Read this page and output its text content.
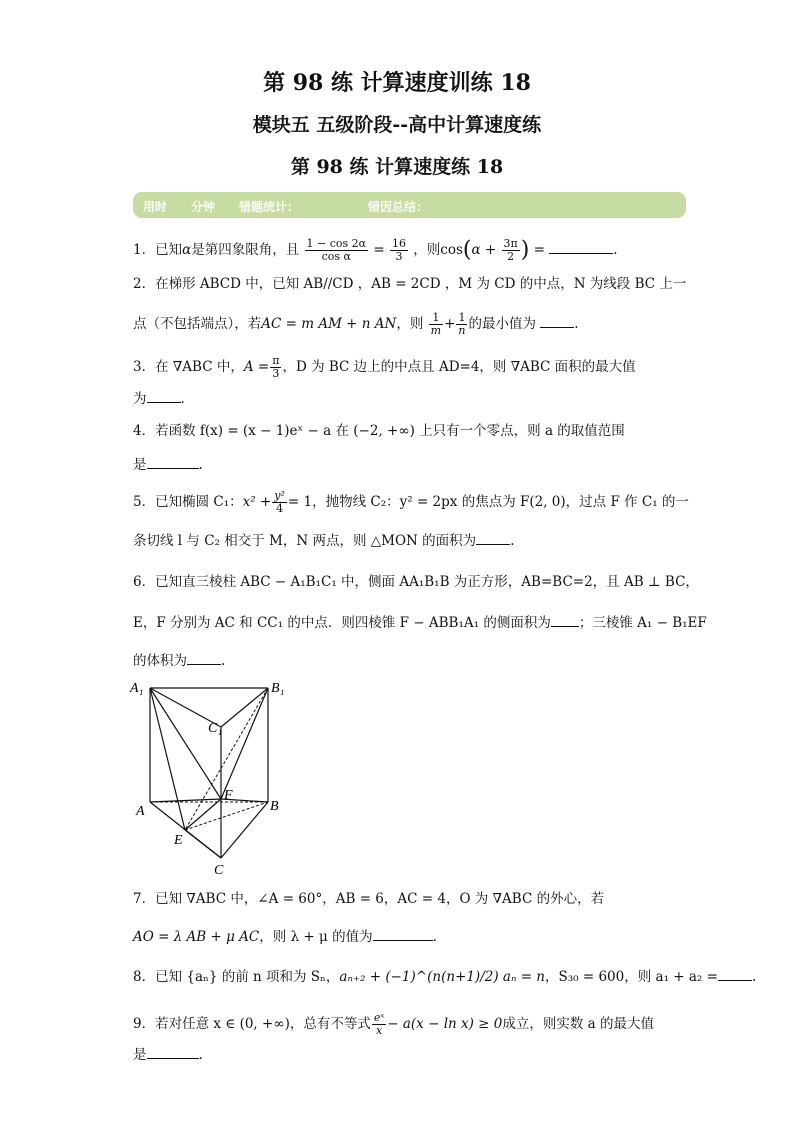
第 98 练 计算速度训练 18
模块五 五级阶段--高中计算速度练
第 98 练 计算速度练 18
用时 分钟 错题统计：	错因总结：
1．已知α是第四象限角，且 $\frac{1 - \cos 2\alpha}{\text{cos α}} = \frac{16}{3}$ ，则$\cos(\alpha + \frac{3\pi}{2}$ ) =	.
2．在梯形 ABCD 中，已知 AB//CD ，AB = 2CD ，M 为 CD 的中点，N 为线段 BC 上一
点（不包括端点），若AC = m AM + n AN，则 $\frac{1}{m} + \frac{1}{n}$ 的最小值为	.
3．在 ∇ABC 中，$A = \frac{\pi}{3}$ ，D 为 BC 边上的中点且 AD=4，则 ∇ABC 面积的最大值
为	.
4．若函数 f(x) = (x − 1)eˣ − a 在 (−2, +∞) 上只有一个零点，则 a 的取值范围
是	.
5．已知椭圆 C₁：$x^2 + \frac{\text{y²}}{4} = 1$，抛物线 C₂：y² = 2px 的焦点为 F(2, 0)，过点 F 作 C₁ 的一
条切线 l 与 C₂ 相交于 M，N 两点，则 △MON 的面积为	.
6．已知直三棱柱 ABC − A₁B₁C₁ 中，侧面 AA₁B₁B 为正方形，AB=BC=2，且 AB ⊥ BC，
E，F 分别为 AC 和 CC₁ 的中点．则四棱锥 F − ABB₁A₁ 的侧面积为 ；三棱锥 A₁ − B₁EF
的体积为	.
A₁	B₁
C₁
F
A	B
E
C
7．已知 ∇ABC 中，∠A = 60°，AB = 6，AC = 4，O 为 ∇ABC 的外心，若
AO = λ AB + μ AC，则 λ + μ 的值为	.
8．已知 {aₙ} 的前 n 项和为 Sₙ，aₙ₊₂ + (−1)^(n(n+1)/2) aₙ = n，S₃₀ = 600，则 a₁ + a₂ =	.
9．若对任意 x ∈ (0, +∞)，总有不等式 $\frac{\text{eˣ}}{x} - a(x - \ln x) \ge 0$成立，则实数 a 的最大值
是	.
